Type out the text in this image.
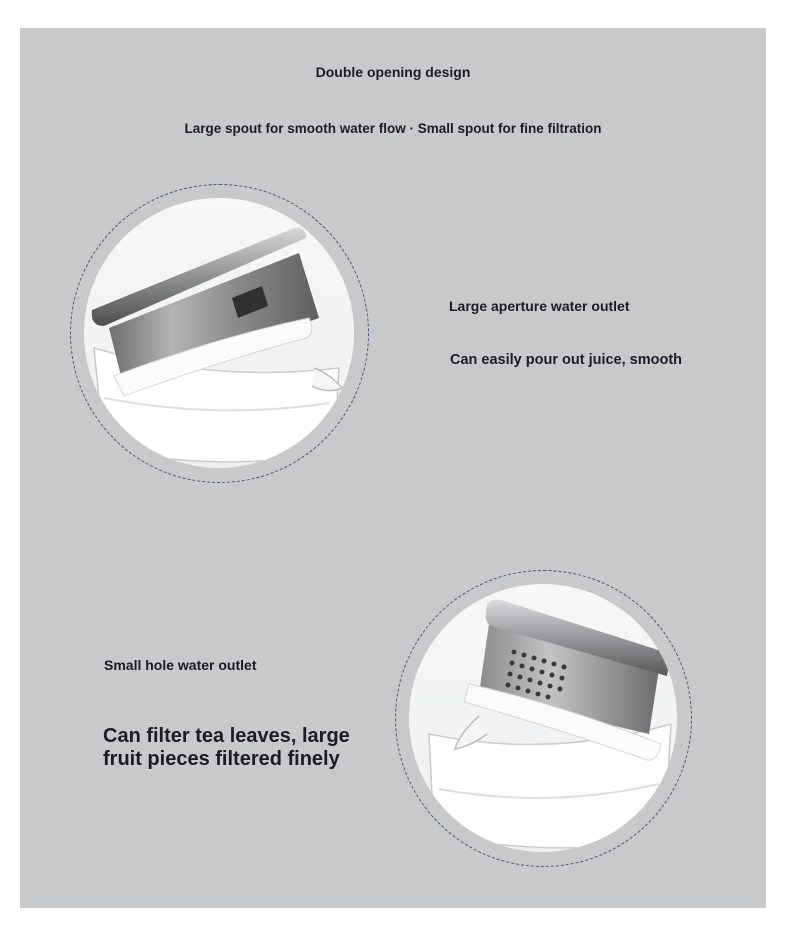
Double opening design
Large spout for smooth water flow · Small spout for fine filtration
Large aperture water outlet
Can easily pour out juice, smooth
Small hole water outlet
Can filter tea leaves, large fruit pieces filtered finely
